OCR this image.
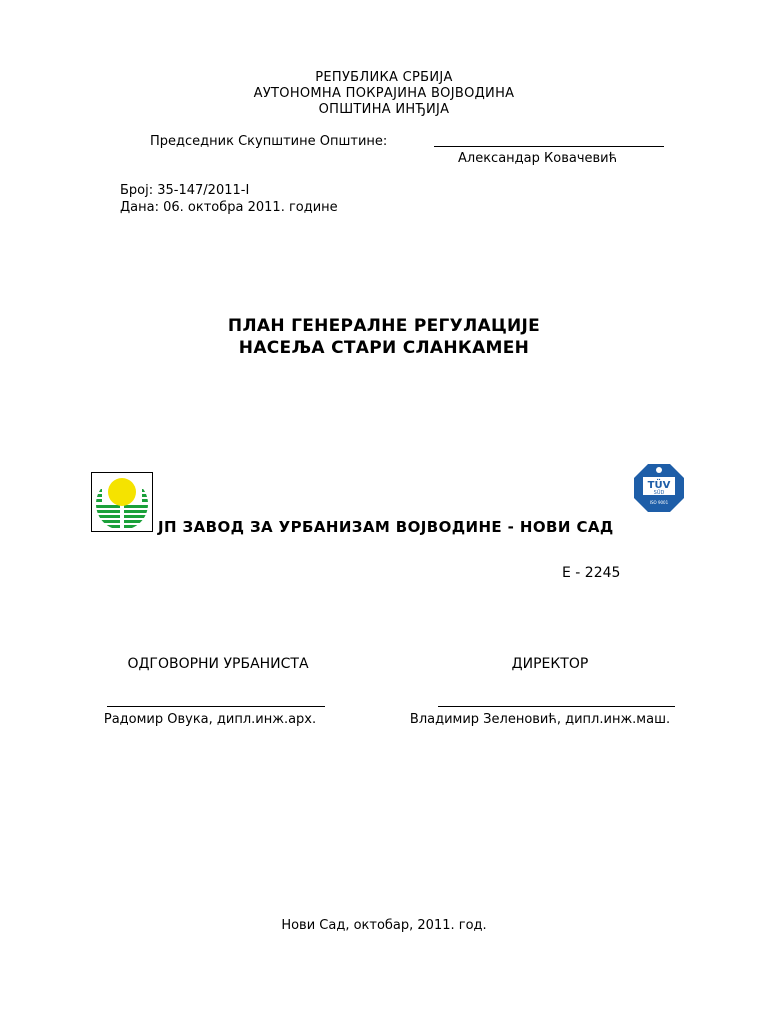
РЕПУБЛИКА СРБИЈА
АУТОНОМНА ПОКРАЈИНА ВОЈВОДИНА
ОПШТИНА ИНЂИЈА
Председник Скупштине Општине:
Александар Ковачевић
Број: 35-147/2011-I
Дана: 06. oктобра 2011. године
ПЛАН ГЕНЕРАЛНЕ РЕГУЛАЦИЈЕ
НАСЕЉА СТАРИ СЛАНКАМЕН
TÜV
SÜD
ISO 9001
ЈП ЗАВОД ЗА УРБАНИЗАМ ВОЈВОДИНЕ - НОВИ САД
Е - 2245
ОДГОВОРНИ УРБАНИСТА
Радомир Овука, дипл.инж.арх.
ДИРЕКТОР
Владимир Зеленовић, дипл.инж.маш.
Нови Сад, октобар, 2011. год.
